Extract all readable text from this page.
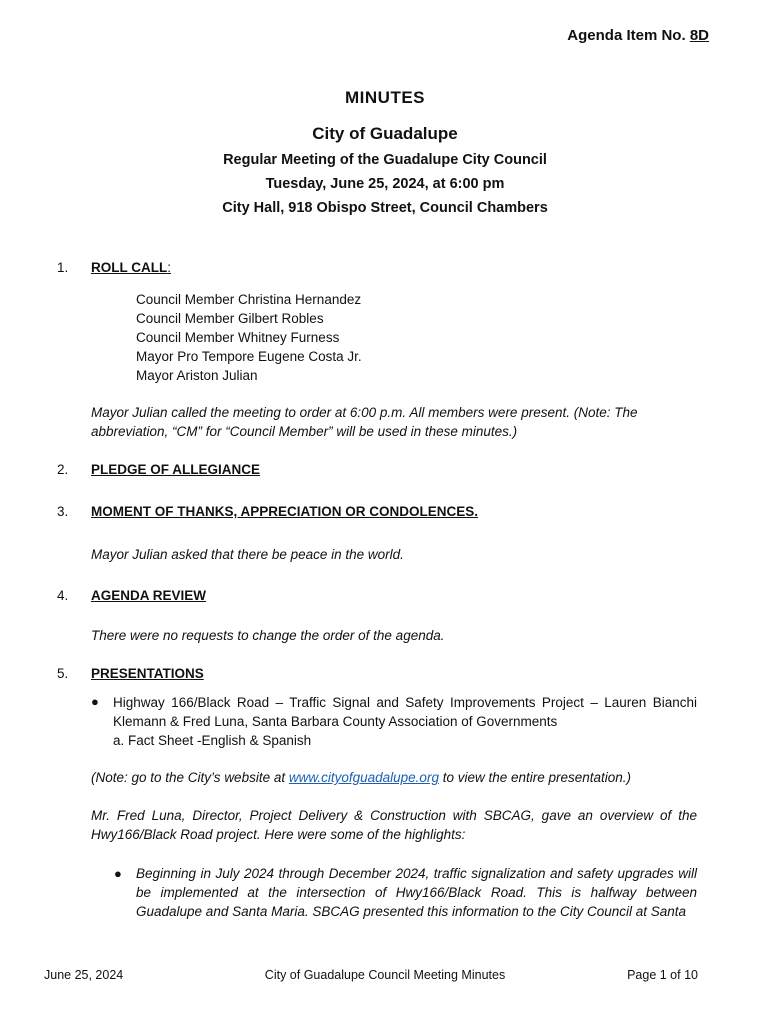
Agenda Item No. 8D
MINUTES
City of Guadalupe
Regular Meeting of the Guadalupe City Council
Tuesday, June 25, 2024, at 6:00 pm
City Hall, 918 Obispo Street, Council Chambers
1. ROLL CALL:
Council Member Christina Hernandez
Council Member Gilbert Robles
Council Member Whitney Furness
Mayor Pro Tempore Eugene Costa Jr.
Mayor Ariston Julian
Mayor Julian called the meeting to order at 6:00 p.m. All members were present. (Note: The abbreviation, “CM” for “Council Member” will be used in these minutes.)
2. PLEDGE OF ALLEGIANCE
3. MOMENT OF THANKS, APPRECIATION OR CONDOLENCES.
Mayor Julian asked that there be peace in the world.
4. AGENDA REVIEW
There were no requests to change the order of the agenda.
5. PRESENTATIONS
● Highway 166/Black Road – Traffic Signal and Safety Improvements Project – Lauren Bianchi
Klemann & Fred Luna, Santa Barbara County Association of Governments
a. Fact Sheet -English & Spanish
(Note: go to the City’s website at www.cityofguadalupe.org to view the entire presentation.)
Mr. Fred Luna, Director, Project Delivery & Construction with SBCAG, gave an overview of the Hwy166/Black Road project. Here were some of the highlights:
● Beginning in July 2024 through December 2024, traffic signalization and safety upgrades will be implemented at the intersection of Hwy166/Black Road. This is halfway between Guadalupe and Santa Maria. SBCAG presented this information to the City Council at Santa
June 25, 2024	City of Guadalupe Council Meeting Minutes	Page 1 of 10
